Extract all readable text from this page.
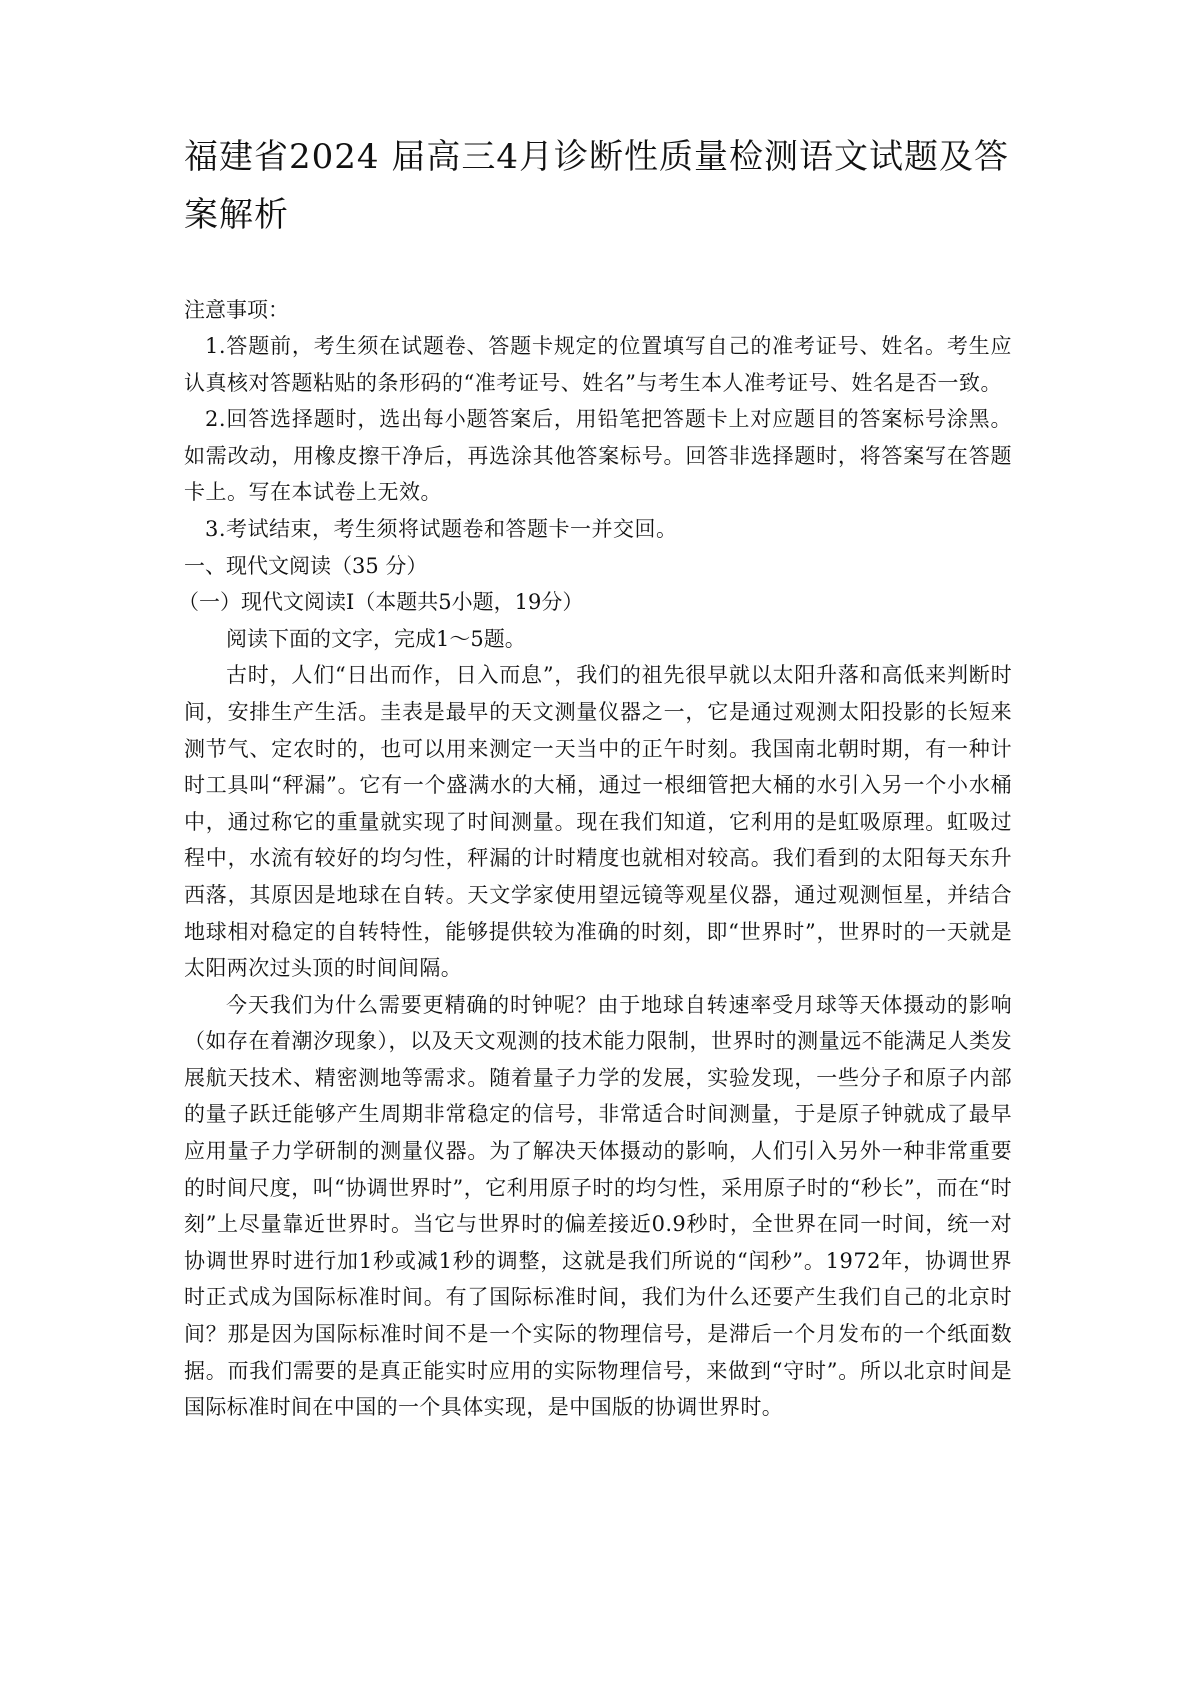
福建省2024 届高三4月诊断性质量检测语文试题及答案解析

注意事项：

1.答题前，考生须在试题卷、答题卡规定的位置填写自己的准考证号、姓名。考生应认真核对答题粘贴的条形码的“准考证号、姓名”与考生本人准考证号、姓名是否一致。

2.回答选择题时，选出每小题答案后，用铅笔把答题卡上对应题目的答案标号涂黑。如需改动，用橡皮擦干净后，再选涂其他答案标号。回答非选择题时，将答案写在答题卡上。写在本试卷上无效。

3.考试结束，考生须将试题卷和答题卡一并交回。

一、现代文阅读（35 分）

（一）现代文阅读Ⅰ（本题共5小题，19分）

阅读下面的文字，完成1～5题。

古时，人们“日出而作，日入而息”，我们的祖先很早就以太阳升落和高低来判断时间，安排生产生活。圭表是最早的天文测量仪器之一，它是通过观测太阳投影的长短来测节气、定农时的，也可以用来测定一天当中的正午时刻。我国南北朝时期，有一种计时工具叫“秤漏”。它有一个盛满水的大桶，通过一根细管把大桶的水引入另一个小水桶中，通过称它的重量就实现了时间测量。现在我们知道，它利用的是虹吸原理。虹吸过程中，水流有较好的均匀性，秤漏的计时精度也就相对较高。我们看到的太阳每天东升西落，其原因是地球在自转。天文学家使用望远镜等观星仪器，通过观测恒星，并结合地球相对稳定的自转特性，能够提供较为准确的时刻，即“世界时”，世界时的一天就是太阳两次过头顶的时间间隔。

今天我们为什么需要更精确的时钟呢？由于地球自转速率受月球等天体摄动的影响（如存在着潮汐现象），以及天文观测的技术能力限制，世界时的测量远不能满足人类发展航天技术、精密测地等需求。随着量子力学的发展，实验发现，一些分子和原子内部的量子跃迁能够产生周期非常稳定的信号，非常适合时间测量，于是原子钟就成了最早应用量子力学研制的测量仪器。为了解决天体摄动的影响，人们引入另外一种非常重要的时间尺度，叫“协调世界时”，它利用原子时的均匀性，采用原子时的“秒长”，而在“时刻”上尽量靠近世界时。当它与世界时的偏差接近0.9秒时，全世界在同一时间，统一对协调世界时进行加1秒或减1秒的调整，这就是我们所说的“闰秒”。1972年，协调世界时正式成为国际标准时间。有了国际标准时间，我们为什么还要产生我们自己的北京时间？那是因为国际标准时间不是一个实际的物理信号，是滞后一个月发布的一个纸面数据。而我们需要的是真正能实时应用的实际物理信号，来做到“守时”。所以北京时间是国际标准时间在中国的一个具体实现，是中国版的协调世界时。
